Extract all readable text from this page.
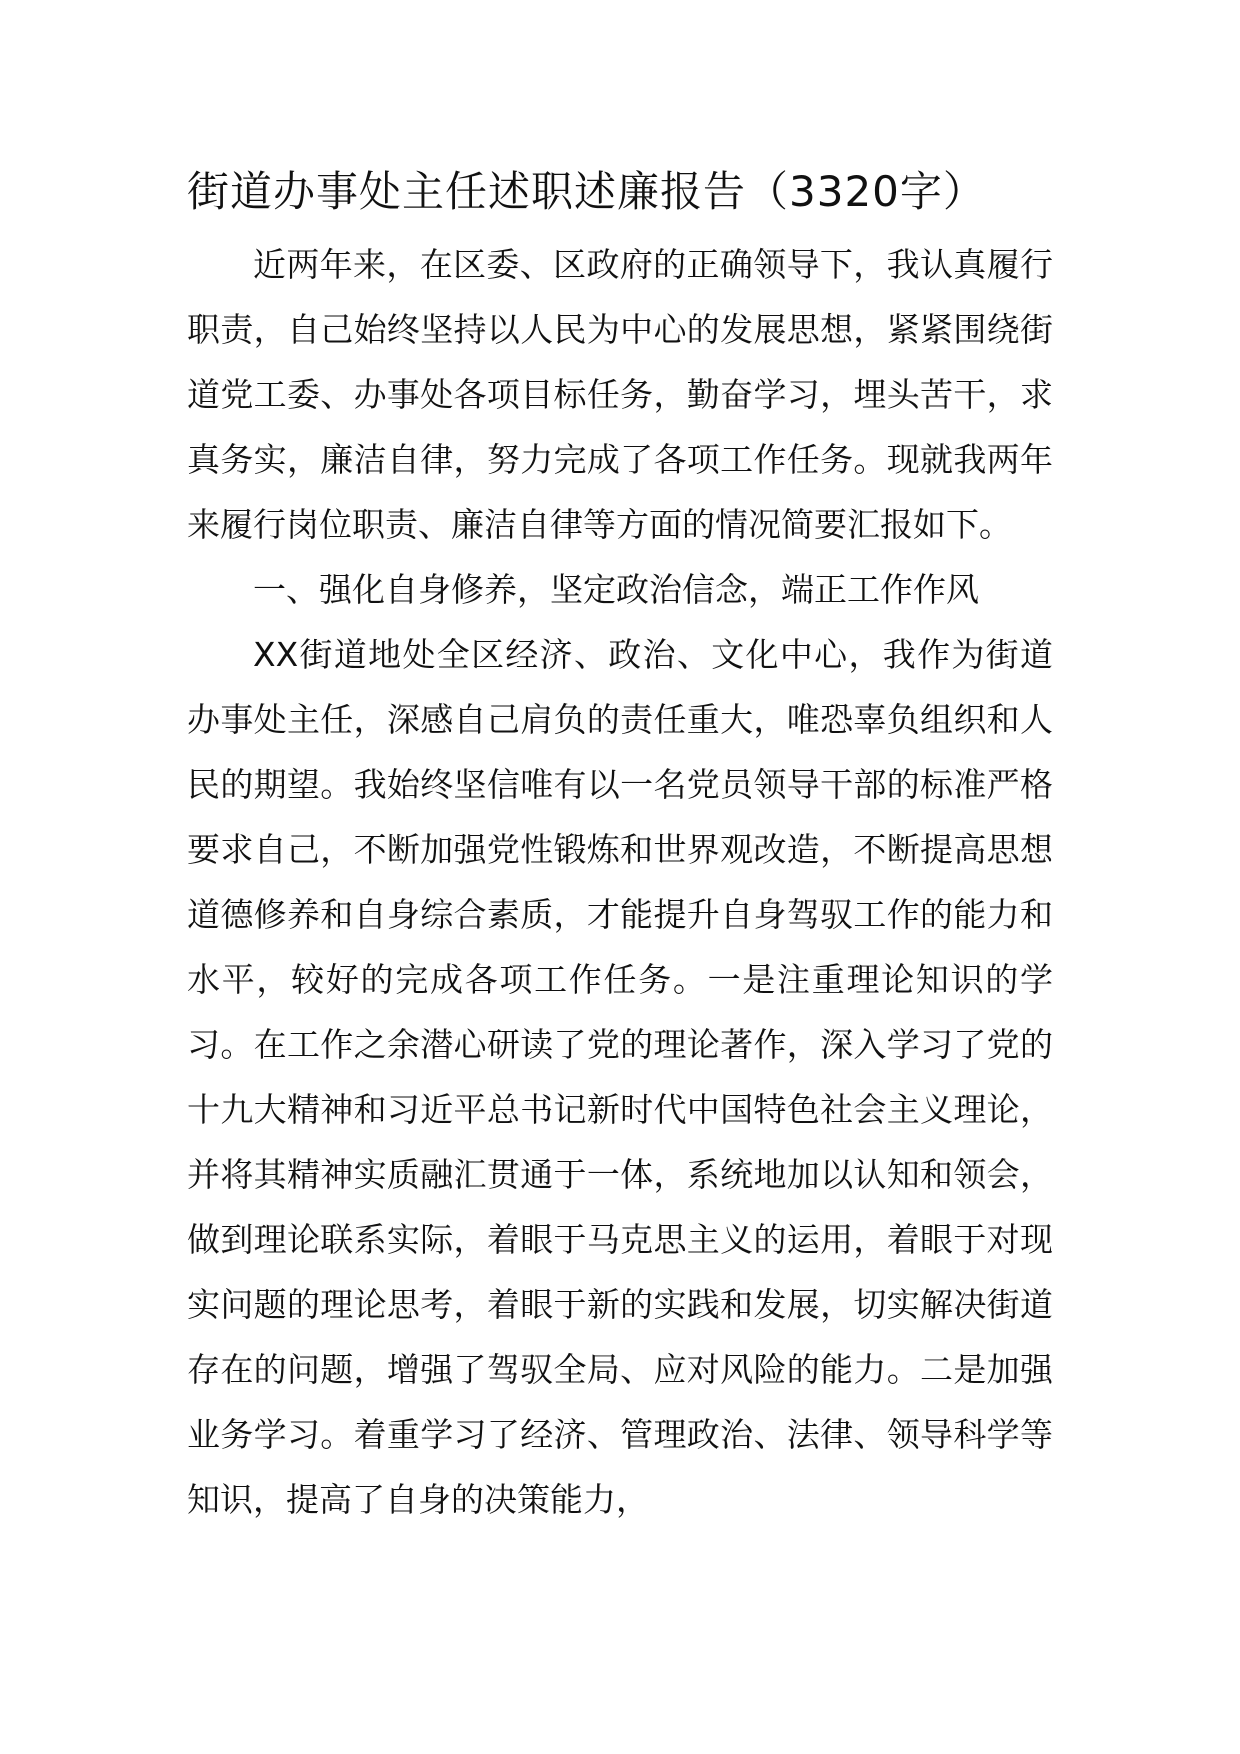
街道办事处主任述职述廉报告（3320字）

近两年来，在区委、区政府的正确领导下，我认真履行职责，自己始终坚持以人民为中心的发展思想，紧紧围绕街道党工委、办事处各项目标任务，勤奋学习，埋头苦干，求真务实，廉洁自律，努力完成了各项工作任务。现就我两年来履行岗位职责、廉洁自律等方面的情况简要汇报如下。

一、强化自身修养，坚定政治信念，端正工作作风

XX街道地处全区经济、政治、文化中心，我作为街道办事处主任，深感自己肩负的责任重大，唯恐辜负组织和人民的期望。我始终坚信唯有以一名党员领导干部的标准严格要求自己，不断加强党性锻炼和世界观改造，不断提高思想道德修养和自身综合素质，才能提升自身驾驭工作的能力和水平，较好的完成各项工作任务。一是注重理论知识的学习。在工作之余潜心研读了党的理论著作，深入学习了党的十九大精神和习近平总书记新时代中国特色社会主义理论，并将其精神实质融汇贯通于一体，系统地加以认知和领会，做到理论联系实际，着眼于马克思主义的运用，着眼于对现实问题的理论思考，着眼于新的实践和发展，切实解决街道存在的问题，增强了驾驭全局、应对风险的能力。二是加强业务学习。着重学习了经济、管理政治、法律、领导科学等知识，提高了自身的决策能力，
